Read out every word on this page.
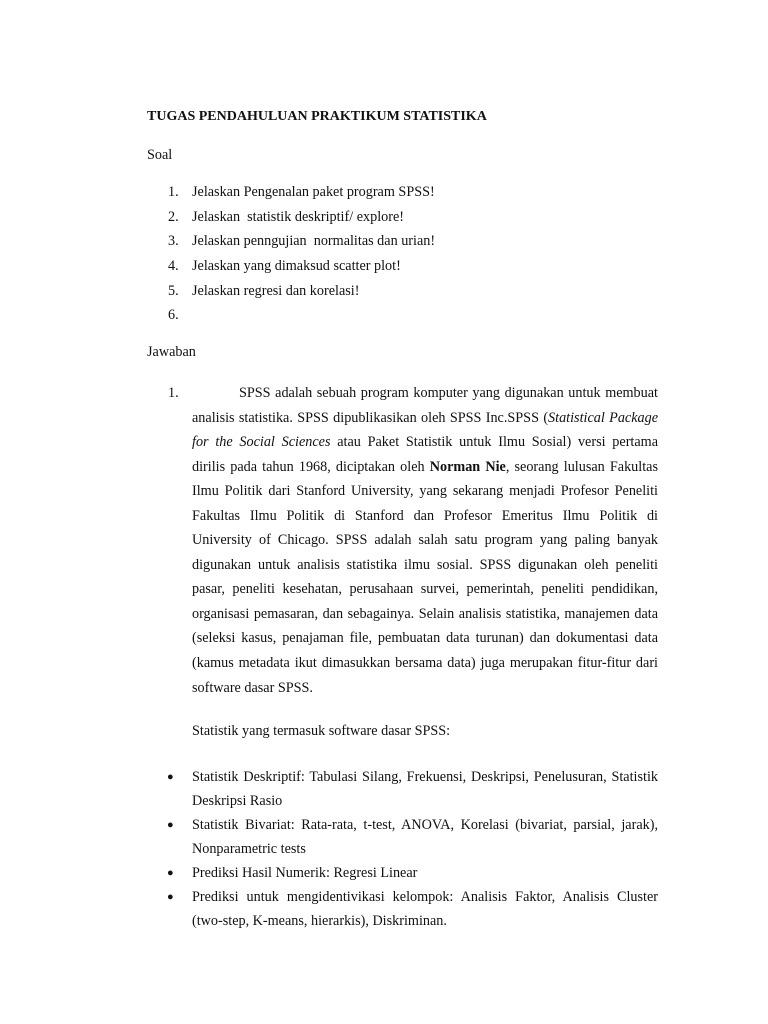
TUGAS PENDAHULUAN PRAKTIKUM STATISTIKA
Soal
1. Jelaskan Pengenalan paket program SPSS!
2. Jelaskan  statistik deskriptif/ explore!
3. Jelaskan penngujian  normalitas dan urian!
4. Jelaskan yang dimaksud scatter plot!
5. Jelaskan regresi dan korelasi!
6.
Jawaban
1.	SPSS adalah sebuah program komputer yang digunakan untuk membuat
analisis statistika. SPSS dipublikasikan oleh SPSS Inc.SPSS (Statistical Package
for the Social Sciences atau Paket Statistik untuk Ilmu Sosial) versi pertama
dirilis pada tahun 1968, diciptakan oleh Norman Nie, seorang lulusan Fakultas
Ilmu Politik dari Stanford University, yang sekarang menjadi Profesor Peneliti
Fakultas Ilmu Politik di Stanford dan Profesor Emeritus Ilmu Politik di
University of Chicago. SPSS adalah salah satu program yang paling banyak
digunakan untuk analisis statistika ilmu sosial. SPSS digunakan oleh peneliti
pasar, peneliti kesehatan, perusahaan survei, pemerintah, peneliti pendidikan,
organisasi pemasaran, dan sebagainya. Selain analisis statistika, manajemen data
(seleksi kasus, penajaman file, pembuatan data turunan) dan dokumentasi data
(kamus metadata ikut dimasukkan bersama data) juga merupakan fitur-fitur dari
software dasar SPSS.
Statistik yang termasuk software dasar SPSS:
● Statistik Deskriptif: Tabulasi Silang, Frekuensi, Deskripsi, Penelusuran, Statistik
Deskripsi Rasio
● Statistik Bivariat: Rata-rata, t-test, ANOVA, Korelasi (bivariat, parsial, jarak),
Nonparametric tests
● Prediksi Hasil Numerik: Regresi Linear
● Prediksi untuk mengidentivikasi kelompok: Analisis Faktor, Analisis Cluster
(two-step, K-means, hierarkis), Diskriminan.
